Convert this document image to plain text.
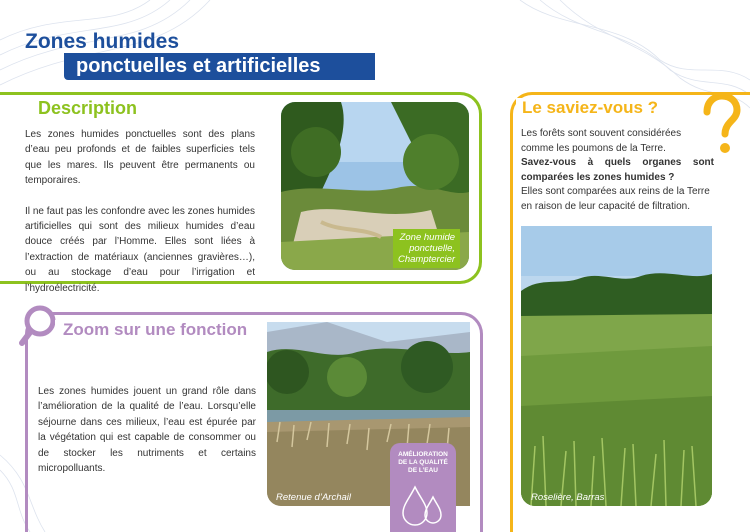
Zones humides
ponctuelles et artificielles
Description

Les zones humides ponctuelles sont des plans d’eau peu profonds et de faibles superficies tels que les mares. Ils peuvent être permanents ou temporaires.

Il ne faut pas les confondre avec les zones humides artificielles qui sont des milieux humides d’eau douce créés par l’Homme. Elles sont liées à l’extraction de matériaux (anciennes gravières…), ou au stockage d’eau pour l’irrigation et l’hydroélectricité.

Zone humide
ponctuelle,
Champtercier
Zoom sur une fonction
Les zones humides jouent un grand rôle dans l’amélioration de la qualité de l’eau. Lorsqu’elle séjourne dans ces milieux, l’eau est épurée par la végétation qui est capable de consommer ou de stocker les nutriments et certains micropolluants.
Retenue d’Archail
AMÉLIORATION
DE LA QUALITÉ
DE L’EAU
Le saviez-vous ?

Les forêts sont souvent considérées comme les poumons de la Terre.

Savez-vous à quels organes sont comparées les zones humides ?

Elles sont comparées aux reins de la Terre en raison de leur capacité de filtration.

Roselière, Barras
